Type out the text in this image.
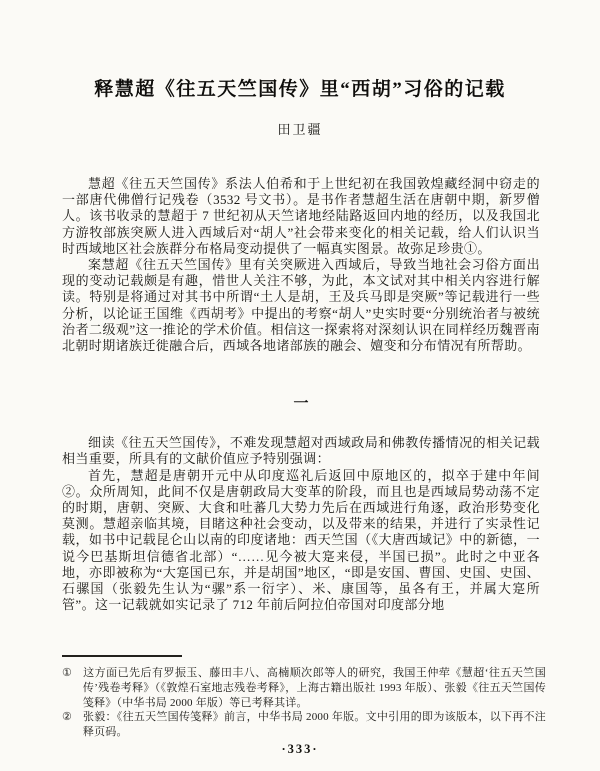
释慧超《往五天竺国传》里“西胡”习俗的记载
田卫疆

慧超《往五天竺国传》系法人伯希和于上世纪初在我国敦煌藏经洞中窃走的一部唐代佛僧行记残卷（3532 号文书）。是书作者慧超生活在唐朝中期，新罗僧人。该书收录的慧超于 7 世纪初从天竺诸地经陆路返回内地的经历，以及我国北方游牧部族突厥人进入西域后对“胡人”社会带来变化的相关记载，给人们认识当时西域地区社会族群分布格局变动提供了一幅真实图景。故弥足珍贵①。

案慧超《往五天竺国传》里有关突厥进入西域后，导致当地社会习俗方面出现的变动记载颇是有趣，惜世人关注不够，为此，本文试对其中相关内容进行解读。特别是将通过对其书中所谓“土人是胡，王及兵马即是突厥”等记载进行一些分析，以论证王国维《西胡考》中提出的考察“胡人”史实时要“分别统治者与被统治者二级观”这一推论的学术价值。相信这一探索将对深刻认识在同样经历魏晋南北朝时期诸族迁徙融合后，西域各地诸部族的融会、嬗变和分布情况有所帮助。

一

细读《往五天竺国传》，不难发现慧超对西域政局和佛教传播情况的相关记载相当重要，所具有的文献价值应予特别强调：

首先，慧超是唐朝开元中从印度巡礼后返回中原地区的，拟卒于建中年间②。众所周知，此间不仅是唐朝政局大变革的阶段，而且也是西域局势动荡不定的时期，唐朝、突厥、大食和吐蕃几大势力先后在西域进行角逐，政治形势变化莫测。慧超亲临其境，目睹这种社会变动，以及带来的结果，并进行了实录性记载，如书中记载昆仑山以南的印度诸地：西天竺国（《大唐西域记》中的新德，一说今巴基斯坦信德省北部）“……见今被大寔来侵，半国已损”。此时之中亚各地，亦即被称为“大寔国已东，并是胡国”地区，“即是安国、曹国、史国、史国、石骡国（张毅先生认为“骡”系一衍字）、米、康国等，虽各有王，并属大寔所管”。这一记载就如实记录了 712 年前后阿拉伯帝国对印度部分地

① 这方面已先后有罗振玉、藤田丰八、高楠顺次郎等人的研究，我国王仲荦《慧超‘往五天竺国传’残卷考释》（《敦煌石室地志残卷考释》，上海古籍出版社 1993 年版）、张毅《往五天竺国传笺释》（中华书局 2000 年版）等已考释其详。
② 张毅：《往五天竺国传笺释》前言，中华书局 2000 年版。文中引用的即为该版本，以下再不注释页码。
·333·
